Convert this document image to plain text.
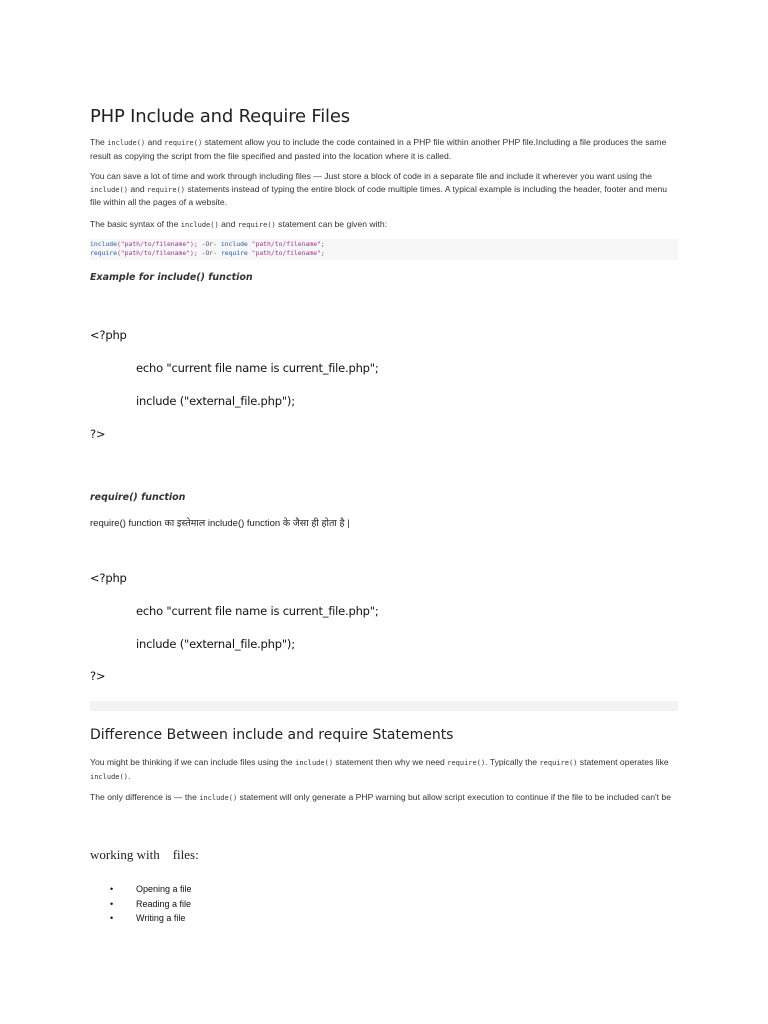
PHP Include and Require Files

The include() and require() statement allow you to include the code contained in a PHP file within another PHP file.Including a file produces the same result as copying the script from the file specified and pasted into the location where it is called.

You can save a lot of time and work through including files — Just store a block of code in a separate file and include it wherever you want using the include() and require() statements instead of typing the entire block of code multiple times. A typical example is including the header, footer and menu file within all the pages of a website.

The basic syntax of the include() and require() statement can be given with:

include("path/to/filename"); -Or- include "path/to/filename";
require("path/to/filename"); -Or- require "path/to/filename";

Example for include() function

<?php

echo "current file name is current_file.php";

include ("external_file.php");

?>

require() function

require() function का इस्तेमाल include() function के जैसा ही होता है |

<?php

echo "current file name is current_file.php";

include ("external_file.php");

?>

Difference Between include and require Statements

You might be thinking if we can include files using the include() statement then why we need require(). Typically the require() statement operates like include().

The only difference is — the include() statement will only generate a PHP warning but allow script execution to continue if the file to be included can't be

working with    files:
•	Opening a file
•	Reading a file
•	Writing a file
